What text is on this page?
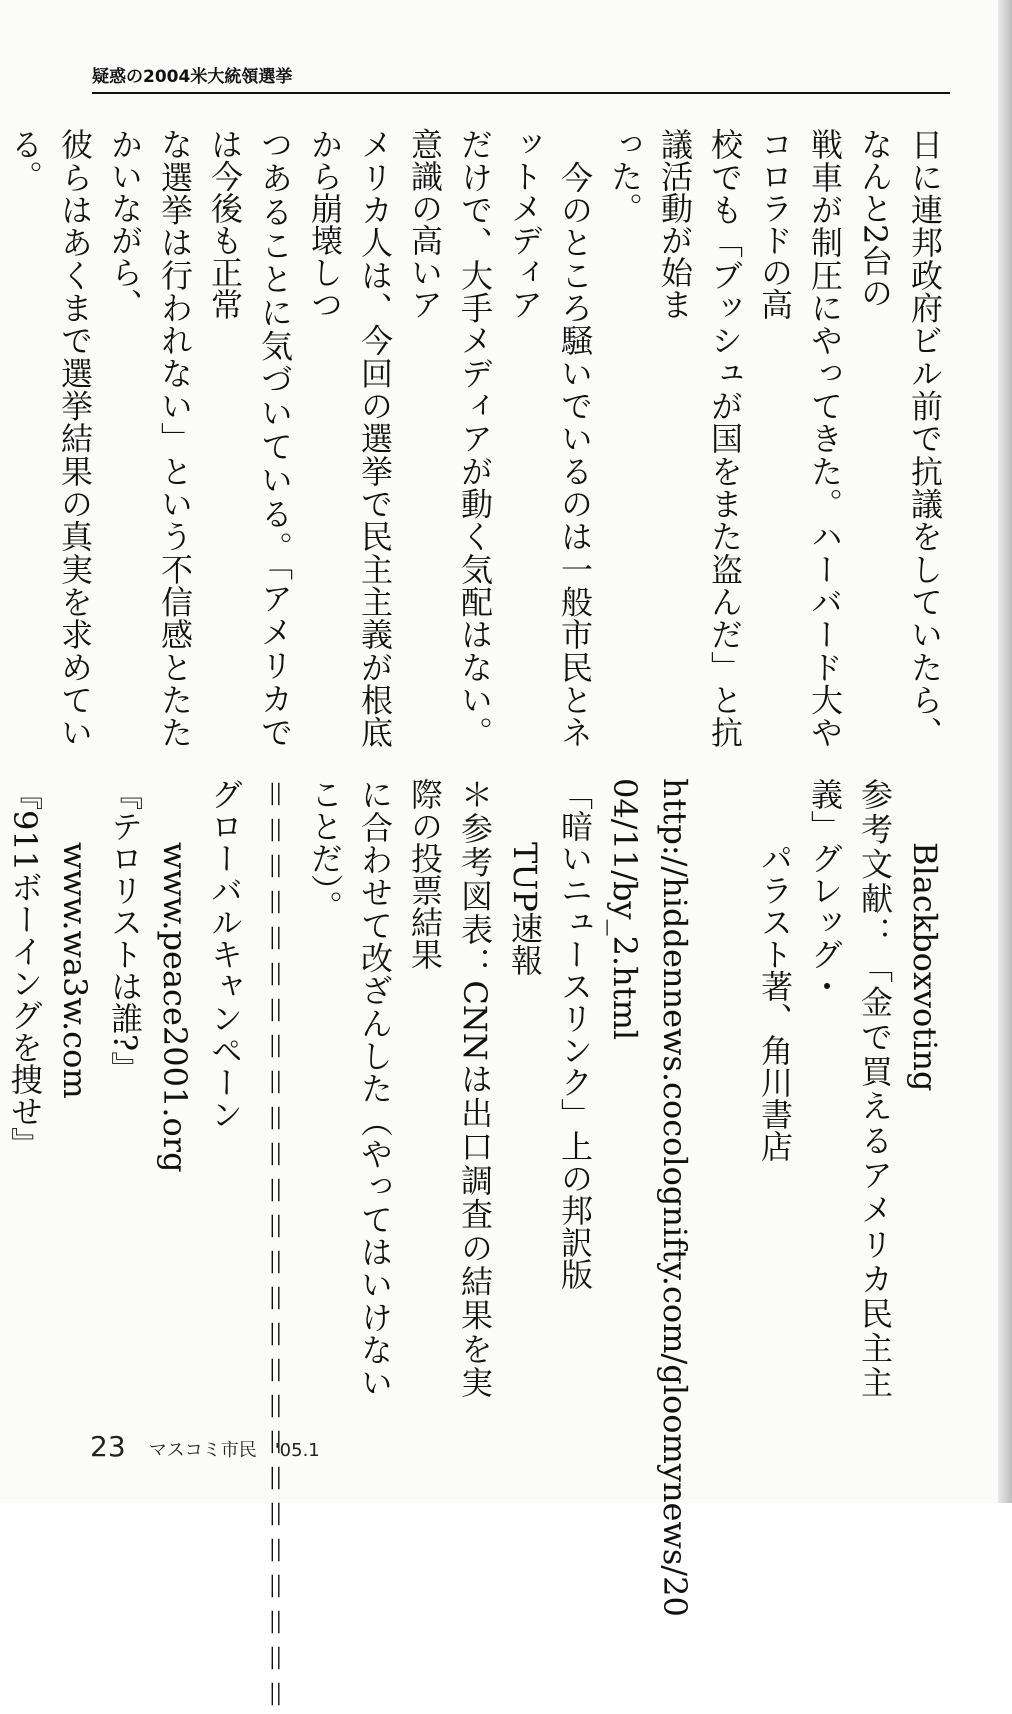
疑惑の2004米大統領選挙
日に連邦政府ビル前で抗議をしていたら、なんと2台の
戦車が制圧にやってきた。ハーバード大やコロラドの高
校でも「ブッシュが国をまた盗んだ」と抗議活動が始ま
った。
　今のところ騒いでいるのは一般市民とネットメディア
だけで、大手メディアが動く気配はない。意識の高いア
メリカ人は、今回の選挙で民主主義が根底から崩壊しつ
つあることに気づいている。「アメリカでは今後も正常
な選挙は行われない」という不信感とたたかいながら、
彼らはあくまで選挙結果の真実を求めている。
　　Blackboxvoting
参考文献：「金で買えるアメリカ民主主義」グレッグ・
　　パラスト著、角川書店
　　http://hiddennews.cocolognifty.com/gloomynews/20
04/11/by_2.html
「暗いニュースリンク」上の邦訳版
　　TUP速報
＊参考図表：CNNは出口調査の結果を実際の投票結果
に合わせて改ざんした（やってはいけないことだ）。
＝＝＝＝＝＝＝＝＝＝＝＝＝＝＝＝＝＝＝＝＝＝＝＝＝＝
グローバルキャンペーン
　　www.peace2001.org
『テロリストは誰?』
　　www.wa3w.com
『911ボーイングを捜せ』
23 マスコミ市民　'05.1
